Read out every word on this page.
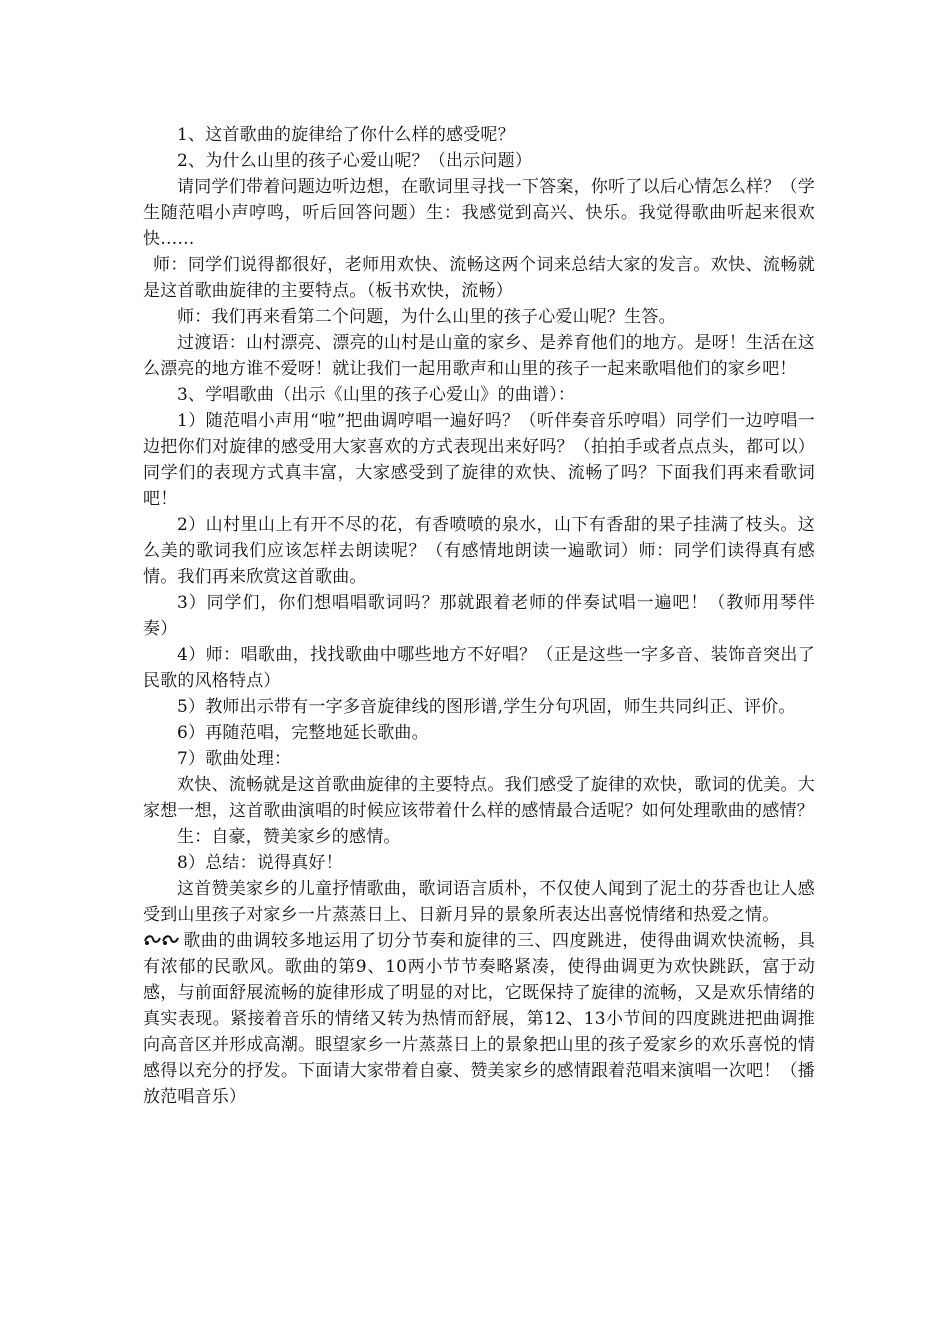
1、这首歌曲的旋律给了你什么样的感受呢？

2、为什么山里的孩子心爱山呢？（出示问题）

请同学们带着问题边听边想，在歌词里寻找一下答案，你听了以后心情怎么样？（学生随范唱小声哼鸣，听后回答问题）生：我感觉到高兴、快乐。我觉得歌曲听起来很欢快……

师：同学们说得都很好，老师用欢快、流畅这两个词来总结大家的发言。欢快、流畅就是这首歌曲旋律的主要特点。（板书欢快，流畅）

师：我们再来看第二个问题，为什么山里的孩子心爱山呢？生答。

过渡语：山村漂亮、漂亮的山村是山童的家乡、是养育他们的地方。是呀！生活在这么漂亮的地方谁不爱呀！就让我们一起用歌声和山里的孩子一起来歌唱他们的家乡吧！

3、学唱歌曲（出示《山里的孩子心爱山》的曲谱）：

1）随范唱小声用“啦”把曲调哼唱一遍好吗？（听伴奏音乐哼唱）同学们一边哼唱一边把你们对旋律的感受用大家喜欢的方式表现出来好吗？（拍拍手或者点点头，都可以）同学们的表现方式真丰富，大家感受到了旋律的欢快、流畅了吗？下面我们再来看歌词吧！

2）山村里山上有开不尽的花，有香喷喷的泉水，山下有香甜的果子挂满了枝头。这么美的歌词我们应该怎样去朗读呢？（有感情地朗读一遍歌词）师：同学们读得真有感情。我们再来欣赏这首歌曲。

3）同学们，你们想唱唱歌词吗？那就跟着老师的伴奏试唱一遍吧！（教师用琴伴奏）

4）师：唱歌曲，找找歌曲中哪些地方不好唱？（正是这些一字多音、装饰音突出了民歌的风格特点）

5）教师出示带有一字多音旋律线的图形谱,学生分句巩固，师生共同纠正、评价。

6）再随范唱，完整地延长歌曲。

7）歌曲处理：

欢快、流畅就是这首歌曲旋律的主要特点。我们感受了旋律的欢快，歌词的优美。大家想一想，这首歌曲演唱的时候应该带着什么样的感情最合适呢？如何处理歌曲的感情？

生：自豪，赞美家乡的感情。

8）总结：说得真好！

这首赞美家乡的儿童抒情歌曲，歌词语言质朴，不仅使人闻到了泥土的芬香也让人感受到山里孩子对家乡一片蒸蒸日上、日新月异的景象所表达出喜悦情绪和热爱之情。

歌曲的曲调较多地运用了切分节奏和旋律的三、四度跳进，使得曲调欢快流畅，具有浓郁的民歌风。歌曲的第9、10两小节节奏略紧凑，使得曲调更为欢快跳跃，富于动感，与前面舒展流畅的旋律形成了明显的对比，它既保持了旋律的流畅，又是欢乐情绪的真实表现。紧接着音乐的情绪又转为热情而舒展，第12、13小节间的四度跳进把曲调推向高音区并形成高潮。眼望家乡一片蒸蒸日上的景象把山里的孩子爱家乡的欢乐喜悦的情感得以充分的抒发。下面请大家带着自豪、赞美家乡的感情跟着范唱来演唱一次吧！（播放范唱音乐）
